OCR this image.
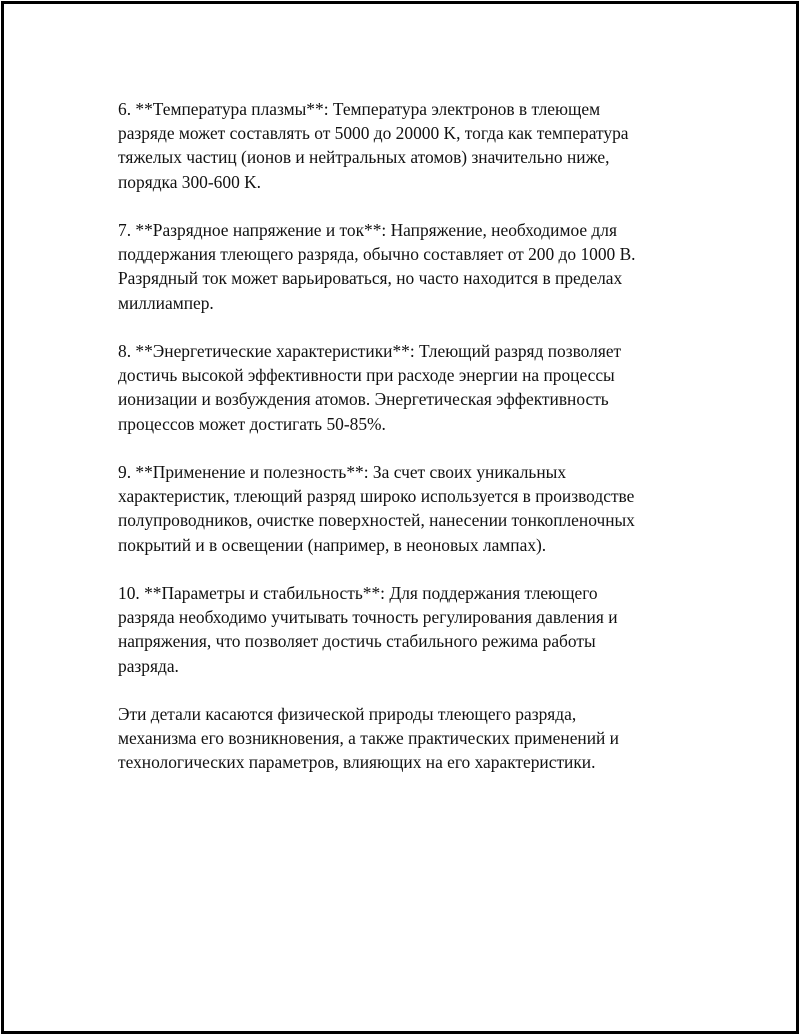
6. **Температура плазмы**: Температура электронов в тлеющем
разряде может составлять от 5000 до 20000 K, тогда как температура
тяжелых частиц (ионов и нейтральных атомов) значительно ниже,
порядка 300-600 K.

7. **Разрядное напряжение и ток**: Напряжение, необходимое для
поддержания тлеющего разряда, обычно составляет от 200 до 1000 В.
Разрядный ток может варьироваться, но часто находится в пределах
миллиампер.

8. **Энергетические характеристики**: Тлеющий разряд позволяет
достичь высокой эффективности при расходе энергии на процессы
ионизации и возбуждения атомов. Энергетическая эффективность
процессов может достигать 50-85%.

9. **Применение и полезность**: За счет своих уникальных
характеристик, тлеющий разряд широко используется в производстве
полупроводников, очистке поверхностей, нанесении тонкопленочных
покрытий и в освещении (например, в неоновых лампах).

10. **Параметры и стабильность**: Для поддержания тлеющего
разряда необходимо учитывать точность регулирования давления и
напряжения, что позволяет достичь стабильного режима работы
разряда.

Эти детали касаются физической природы тлеющего разряда,
механизма его возникновения, а также практических применений и
технологических параметров, влияющих на его характеристики.
